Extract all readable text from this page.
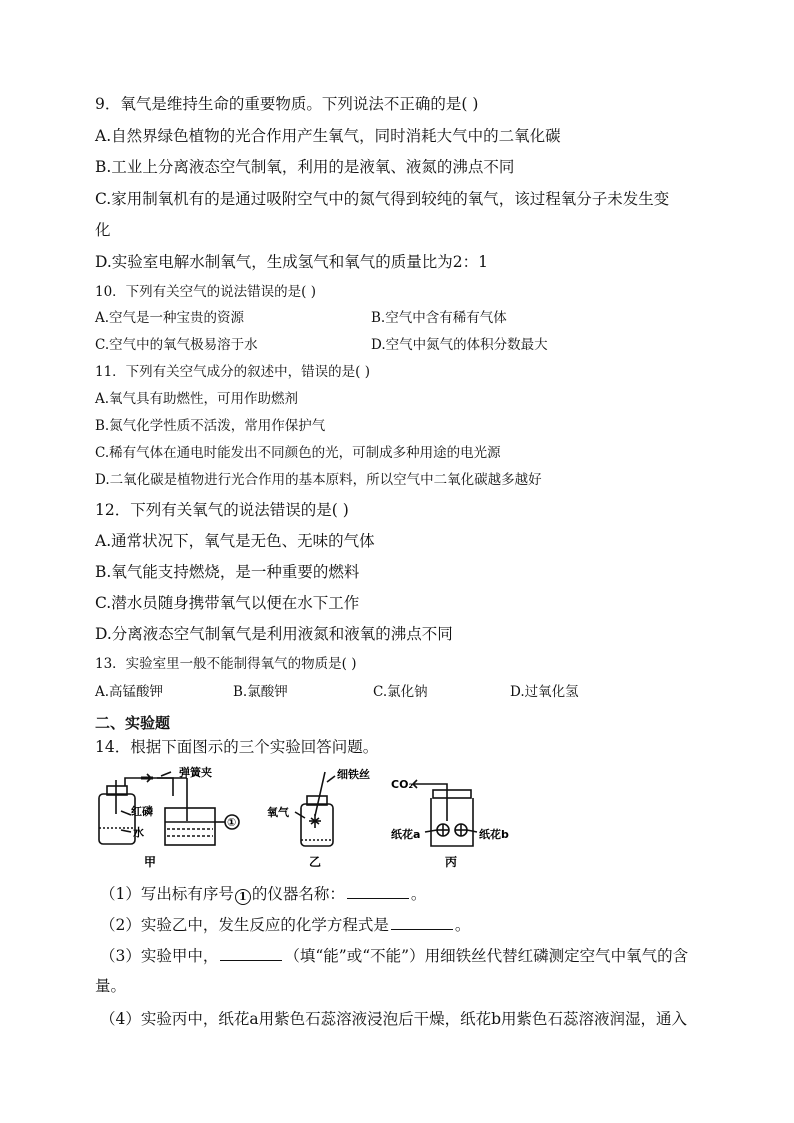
9．氧气是维持生命的重要物质。下列说法不正确的是( )
A.自然界绿色植物的光合作用产生氧气，同时消耗大气中的二氧化碳
B.工业上分离液态空气制氧，利用的是液氧、液氮的沸点不同
C.家用制氧机有的是通过吸附空气中的氮气得到较纯的氧气，该过程氧分子未发生变
化
D.实验室电解水制氧气，生成氢气和氧气的质量比为2：1
10．下列有关空气的说法错误的是( )
A.空气是一种宝贵的资源	B.空气中含有稀有气体
C.空气中的氧气极易溶于水	D.空气中氮气的体积分数最大
11．下列有关空气成分的叙述中，错误的是( )
A.氧气具有助燃性，可用作助燃剂
B.氮气化学性质不活泼，常用作保护气
C.稀有气体在通电时能发出不同颜色的光，可制成多种用途的电光源
D.二氧化碳是植物进行光合作用的基本原料，所以空气中二氧化碳越多越好
12．下列有关氧气的说法错误的是( )
A.通常状况下，氧气是无色、无味的气体
B.氧气能支持燃烧，是一种重要的燃料
C.潜水员随身携带氧气以便在水下工作
D.分离液态空气制氧气是利用液氮和液氧的沸点不同
13．实验室里一般不能制得氧气的物质是( )
A.高锰酸钾	B.氯酸钾	C.氯化钠	D.过氧化氢
二、实验题
14．根据下面图示的三个实验回答问题。
弹簧夹
红磷
水
①
甲
细铁丝
氧气
乙
CO₂
纸花a	纸花b
丙
（1）写出标有序号 1 的仪器名称：	。
（2）实验乙中，发生反应的化学方程式是	。
（3）实验甲中，	（填“能”或“不能”）用细铁丝代替红磷测定空气中氧气的含
量。
（4）实验丙中，纸花a用紫色石蕊溶液浸泡后干燥，纸花b用紫色石蕊溶液润湿，通入
